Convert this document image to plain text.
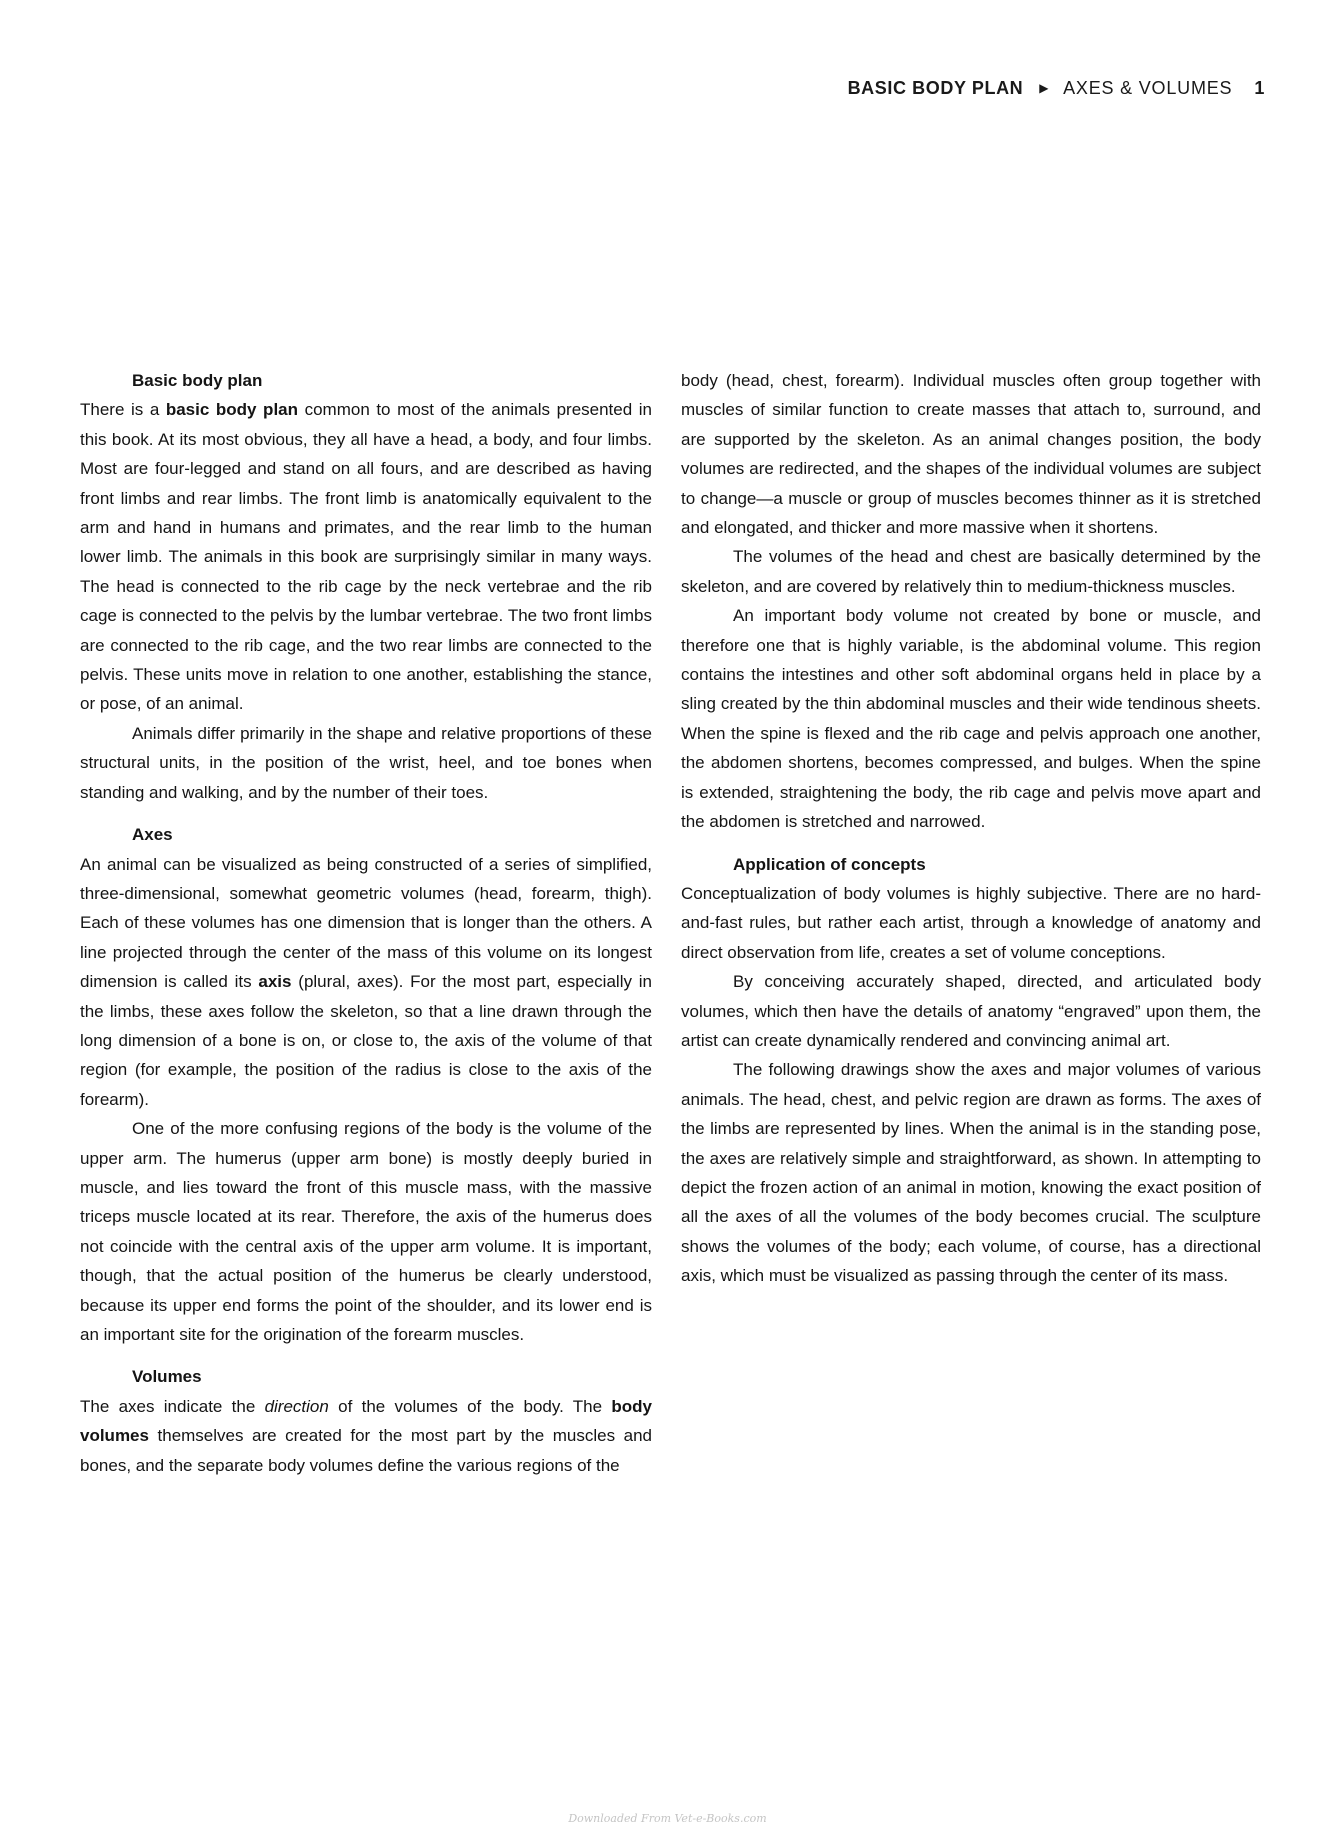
BASIC BODY PLAN ▶ AXES & VOLUMES 1
Basic body plan

There is a basic body plan common to most of the animals presented in this book. At its most obvious, they all have a head, a body, and four limbs. Most are four-legged and stand on all fours, and are described as having front limbs and rear limbs. The front limb is anatomically equivalent to the arm and hand in humans and primates, and the rear limb to the human lower limb. The animals in this book are surprisingly similar in many ways. The head is connected to the rib cage by the neck vertebrae and the rib cage is connected to the pelvis by the lumbar vertebrae. The two front limbs are connected to the rib cage, and the two rear limbs are connected to the pelvis. These units move in relation to one another, establishing the stance, or pose, of an animal.

Animals differ primarily in the shape and relative proportions of these structural units, in the position of the wrist, heel, and toe bones when standing and walking, and by the number of their toes.

Axes

An animal can be visualized as being constructed of a series of simplified, three-dimensional, somewhat geometric volumes (head, forearm, thigh). Each of these volumes has one dimension that is longer than the others. A line projected through the center of the mass of this volume on its longest dimension is called its axis (plural, axes). For the most part, especially in the limbs, these axes follow the skeleton, so that a line drawn through the long dimension of a bone is on, or close to, the axis of the volume of that region (for example, the position of the radius is close to the axis of the forearm).

One of the more confusing regions of the body is the volume of the upper arm. The humerus (upper arm bone) is mostly deeply buried in muscle, and lies toward the front of this muscle mass, with the massive triceps muscle located at its rear. Therefore, the axis of the humerus does not coincide with the central axis of the upper arm volume. It is important, though, that the actual position of the humerus be clearly understood, because its upper end forms the point of the shoulder, and its lower end is an important site for the origination of the forearm muscles.

Volumes

The axes indicate the direction of the volumes of the body. The body volumes themselves are created for the most part by the muscles and bones, and the separate body volumes define the various regions of the

body (head, chest, forearm). Individual muscles often group together with muscles of similar function to create masses that attach to, surround, and are supported by the skeleton. As an animal changes position, the body volumes are redirected, and the shapes of the individual volumes are subject to change—a muscle or group of muscles becomes thinner as it is stretched and elongated, and thicker and more massive when it shortens.

The volumes of the head and chest are basically determined by the skeleton, and are covered by relatively thin to medium-thickness muscles.

An important body volume not created by bone or muscle, and therefore one that is highly variable, is the abdominal volume. This region contains the intestines and other soft abdominal organs held in place by a sling created by the thin abdominal muscles and their wide tendinous sheets. When the spine is flexed and the rib cage and pelvis approach one another, the abdomen shortens, becomes compressed, and bulges. When the spine is extended, straightening the body, the rib cage and pelvis move apart and the abdomen is stretched and narrowed.

Application of concepts

Conceptualization of body volumes is highly subjective. There are no hard-and-fast rules, but rather each artist, through a knowledge of anatomy and direct observation from life, creates a set of volume conceptions.

By conceiving accurately shaped, directed, and articulated body volumes, which then have the details of anatomy “engraved” upon them, the artist can create dynamically rendered and convincing animal art.

The following drawings show the axes and major volumes of various animals. The head, chest, and pelvic region are drawn as forms. The axes of the limbs are represented by lines. When the animal is in the standing pose, the axes are relatively simple and straightforward, as shown. In attempting to depict the frozen action of an animal in motion, knowing the exact position of all the axes of all the volumes of the body becomes crucial. The sculpture shows the volumes of the body; each volume, of course, has a directional axis, which must be visualized as passing through the center of its mass.

Downloaded From Vet-e-Books.com
